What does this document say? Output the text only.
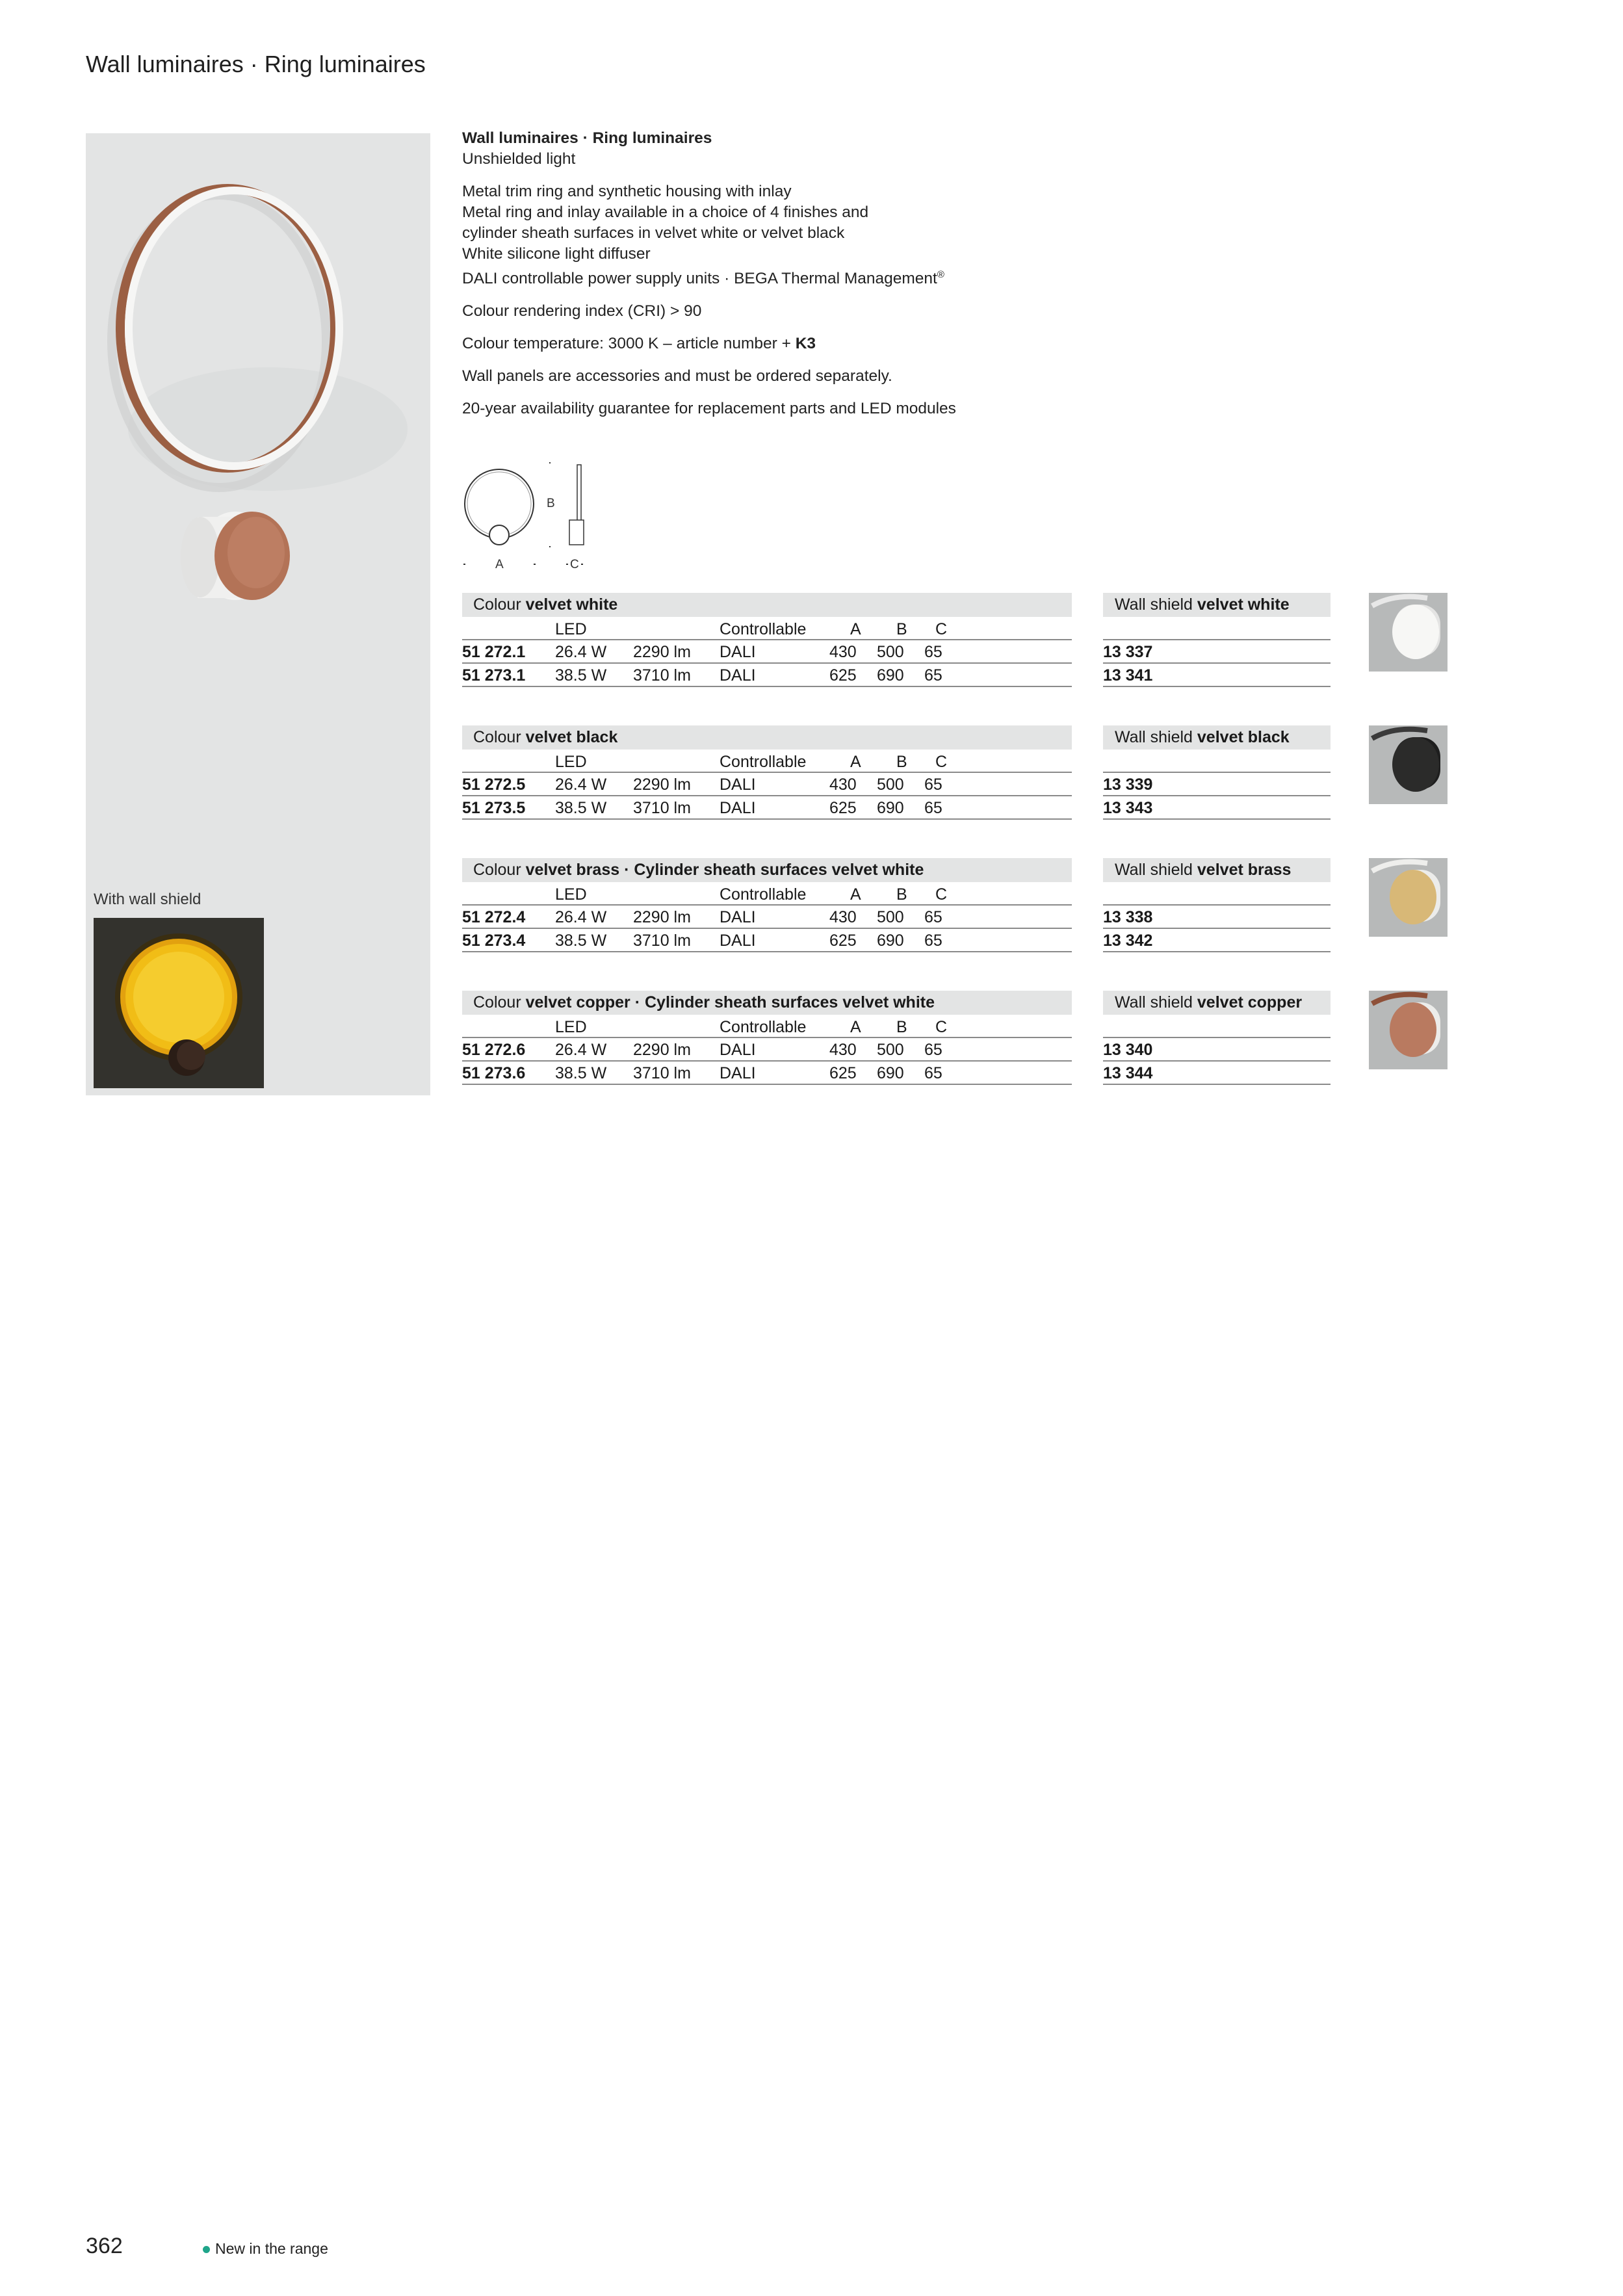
Wall luminaires · Ring luminaires
With wall shield

Wall luminaires · Ring luminaires
Unshielded light

Metal trim ring and synthetic housing with inlay
Metal ring and inlay available in a choice of 4 finishes and
cylinder sheath surfaces in velvet white or velvet black
White silicone light diffuser
DALI controllable power supply units · BEGA Thermal Management®

Colour rendering index (CRI) > 90

Colour temperature: 3000 K – article number + K3

Wall panels are accessories and must be ordered separately.

20-year availability guarantee for replacement parts and LED modules

B
A	C
Colour velvet white
LED	Controllable	A B C
51 272.1 26.4 W 2290 lm DALI	430 500 65
51 273.1 38.5 W 3710 lm DALI	625 690 65
Wall shield velvet white
13 337
13 341
Colour velvet black
LED	Controllable	A B C
51 272.5 26.4 W 2290 lm DALI	430 500 65
51 273.5 38.5 W 3710 lm DALI	625 690 65
Wall shield velvet black
13 339
13 343
Colour velvet brass · Cylinder sheath surfaces velvet white
LED	Controllable	A B C
51 272.4 26.4 W 2290 lm DALI	430 500 65
51 273.4 38.5 W 3710 lm DALI	625 690 65
Wall shield velvet brass
13 338
13 342
Colour velvet copper · Cylinder sheath surfaces velvet white
LED	Controllable	A B C
51 272.6 26.4 W 2290 lm DALI	430 500 65
51 273.6 38.5 W 3710 lm DALI	625 690 65
Wall shield velvet copper
13 340
13 344
362	New in the range
